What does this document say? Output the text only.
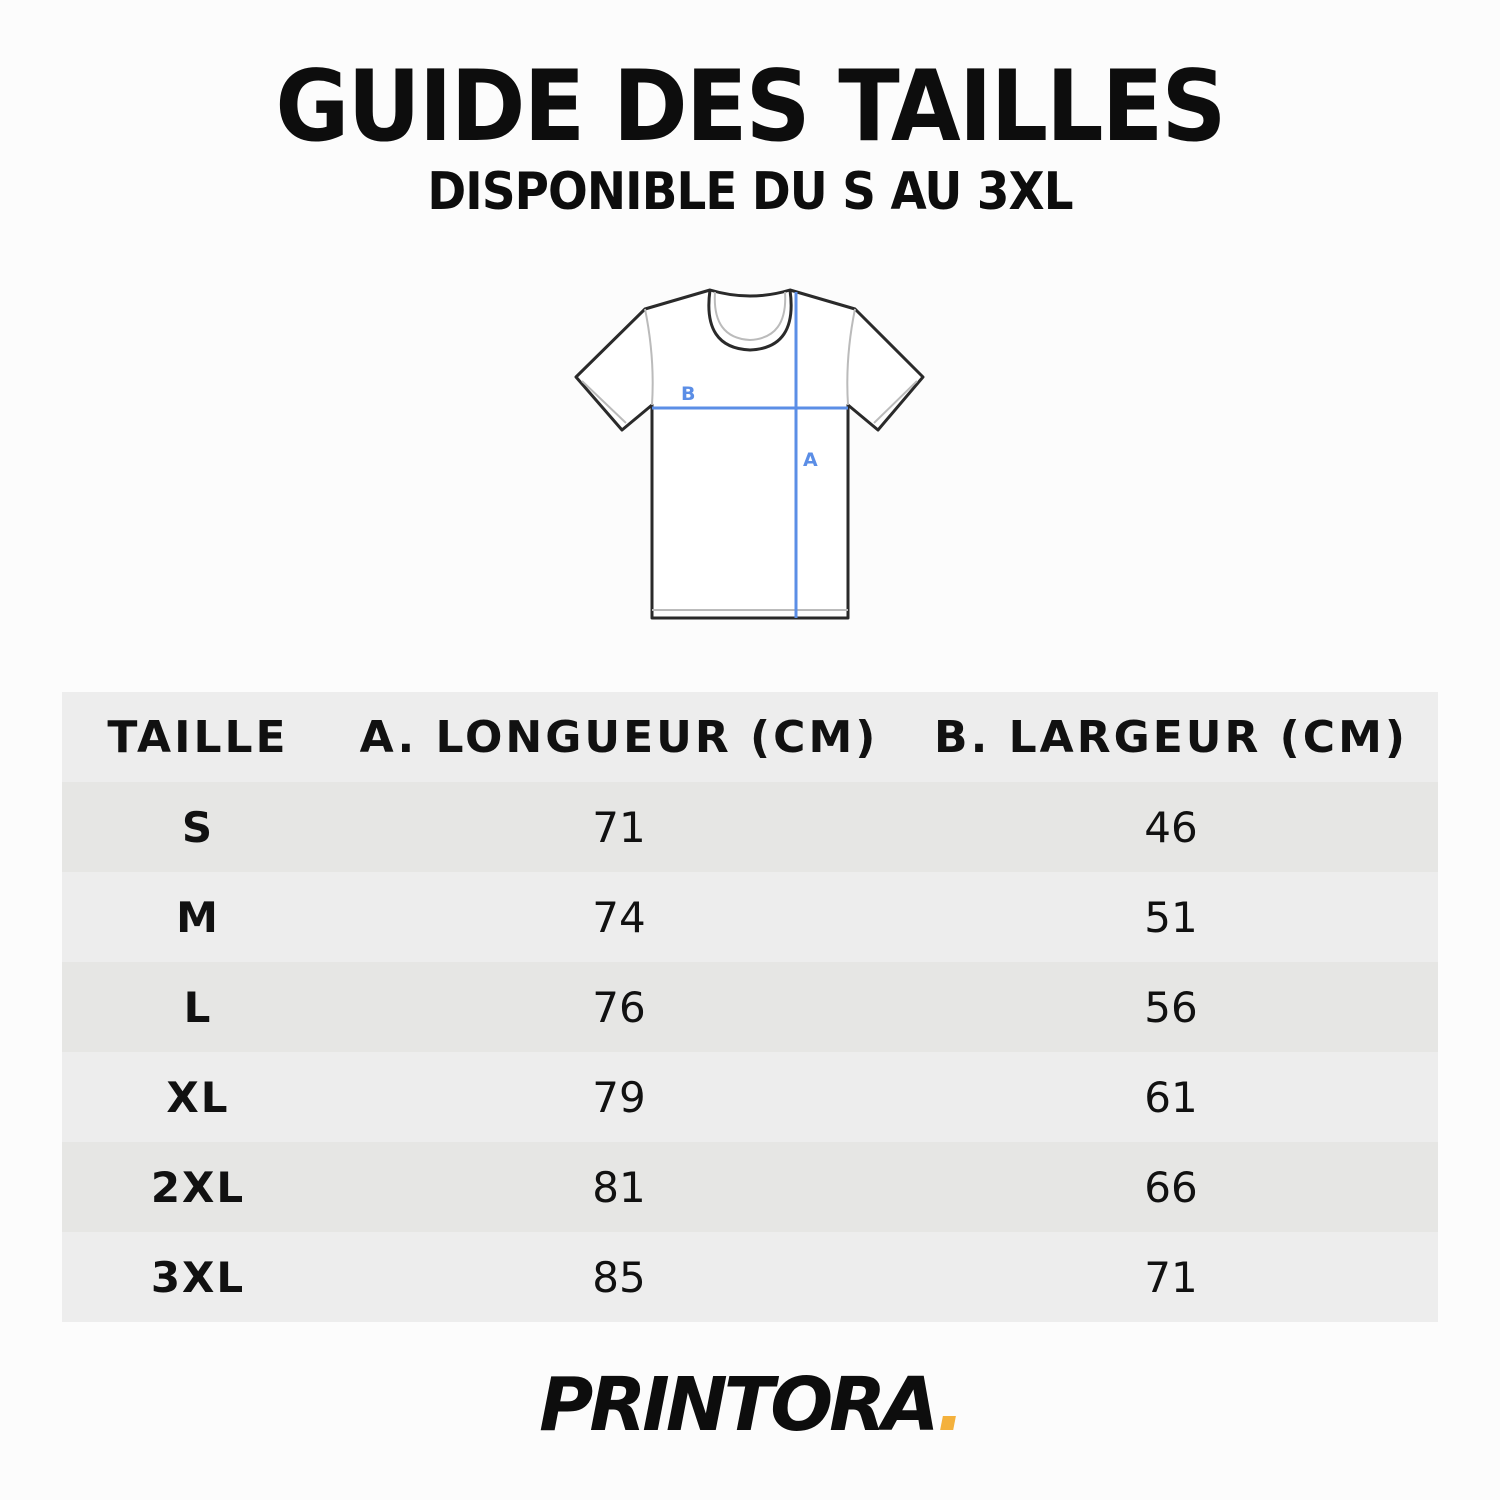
GUIDE DES TAILLES
DISPONIBLE DU S AU 3XL
B
A
TAILLE	A. LONGUEUR (CM)	B. LARGEUR (CM)
S	71	46
M	74	51
L	76	56
XL	79	61
2XL	81	66
3XL	85	71
PRINTORA.
